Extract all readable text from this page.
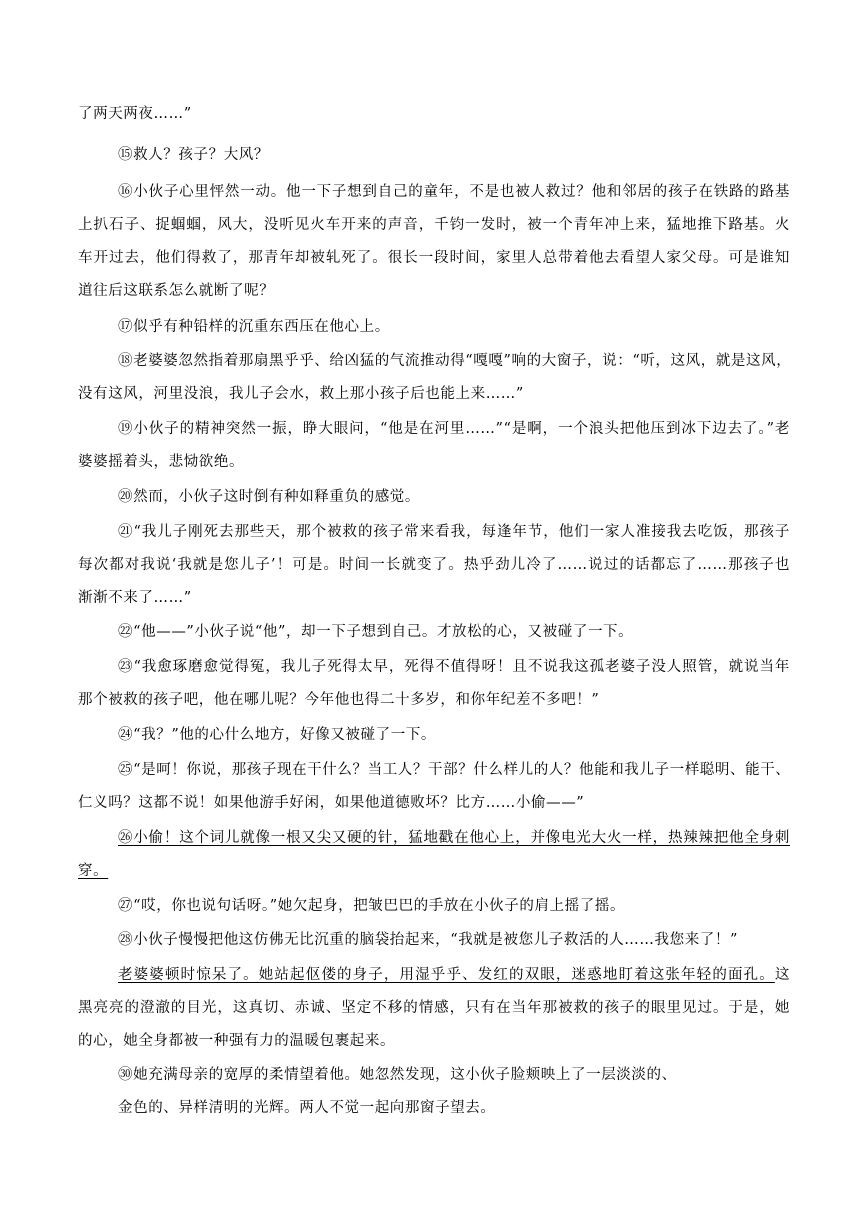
了两天两夜……”
⑮救人？孩子？大风？
⑯小伙子心里怦然一动。他一下子想到自己的童年，不是也被人救过？他和邻居的孩子在铁路的路基
上扒石子、捉蝈蝈，风大，没听见火车开来的声音，千钧一发时，被一个青年冲上来，猛地推下路基。火
车开过去，他们得救了，那青年却被轧死了。很长一段时间，家里人总带着他去看望人家父母。可是谁知
道往后这联系怎么就断了呢？
⑰似乎有种铅样的沉重东西压在他心上。
⑱老婆婆忽然指着那扇黑乎乎、给凶猛的气流推动得“嘎嘎”响的大窗子，说：“听，这风，就是这风，
没有这风，河里没浪，我儿子会水，救上那小孩子后也能上来……”
⑲小伙子的精神突然一振，睁大眼问，“他是在河里……”“是啊，一个浪头把他压到冰下边去了。”老
婆婆摇着头，悲恸欲绝。
⑳然而，小伙子这时倒有种如释重负的感觉。
㉑“我儿子刚死去那些天，那个被救的孩子常来看我，每逢年节，他们一家人准接我去吃饭，那孩子
每次都对我说‘我就是您儿子’！可是。时间一长就变了。热乎劲儿冷了……说过的话都忘了……那孩子也
渐渐不来了……”
㉒“他——”小伙子说“他”，却一下子想到自己。才放松的心，又被碰了一下。
㉓“我愈琢磨愈觉得冤，我儿子死得太早，死得不值得呀！且不说我这孤老婆子没人照管，就说当年
那个被救的孩子吧，他在哪儿呢？今年他也得二十多岁，和你年纪差不多吧！”
㉔“我？”他的心什么地方，好像又被碰了一下。
㉕“是呵！你说，那孩子现在干什么？当工人？干部？什么样儿的人？他能和我儿子一样聪明、能干、
仁义吗？这都不说！如果他游手好闲，如果他道德败坏？比方……小偷——”
㉖小偷！这个词儿就像一根又尖又硬的针，猛地戳在他心上，并像电光大火一样，热辣辣把他全身刺
穿。
㉗“哎，你也说句话呀。”她欠起身，把皱巴巴的手放在小伙子的肩上摇了摇。
㉘小伙子慢慢把他这仿佛无比沉重的脑袋抬起来，“我就是被您儿子救活的人……我您来了！”
老婆婆顿时惊呆了。她站起伛偻的身子，用湿乎乎、发红的双眼，迷惑地盯着这张年轻的面孔。这
黑亮亮的澄澈的目光，这真切、赤诚、坚定不移的情感，只有在当年那被救的孩子的眼里见过。于是，她
的心，她全身都被一种强有力的温暖包裹起来。
㉚她充满母亲的宽厚的柔情望着他。她忽然发现，这小伙子脸颊映上了一层淡淡的、
金色的、异样清明的光辉。两人不觉一起向那窗子望去。
